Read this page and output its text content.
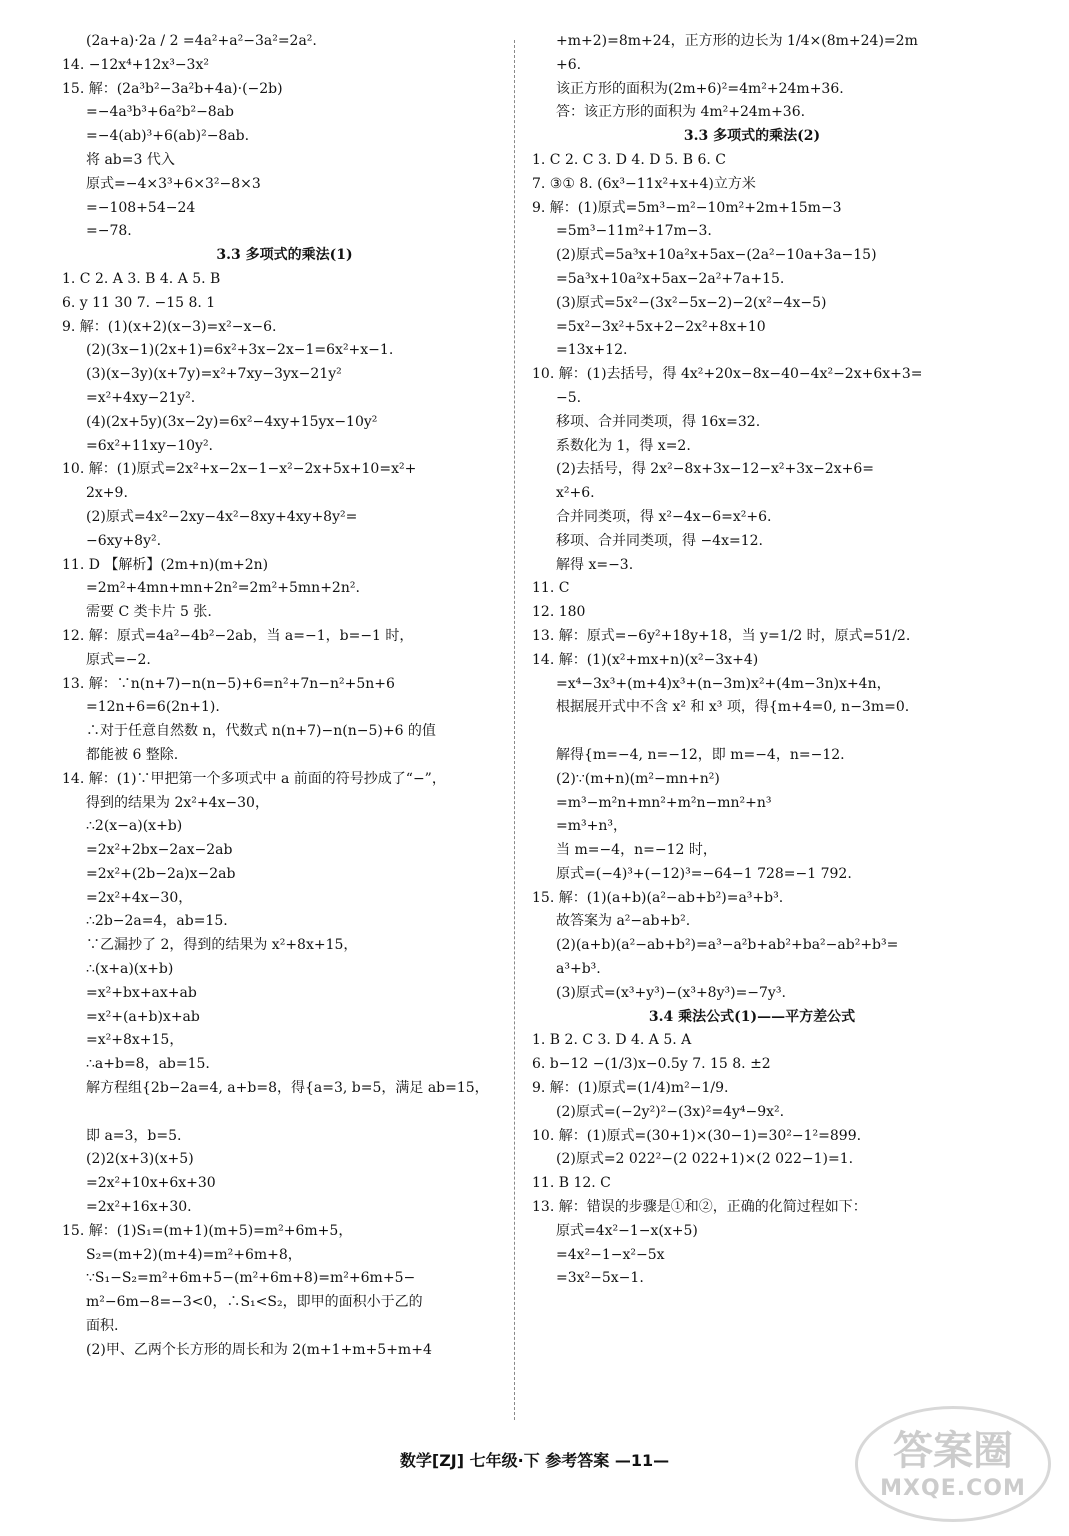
(2a+a)·2a / 2 =4a²+a²−3a²=2a².
14. −12x⁴+12x³−3x²
15. 解：(2a³b²−3a²b+4a)·(−2b)
=−4a³b³+6a²b²−8ab
=−4(ab)³+6(ab)²−8ab.
将 ab=3 代入
原式=−4×3³+6×3²−8×3
=−108+54−24
=−78.
3.3 多项式的乘法(1)
1. C 2. A 3. B 4. A 5. B
6. y 11 30 7. −15 8. 1
9. 解：(1)(x+2)(x−3)=x²−x−6.
(2)(3x−1)(2x+1)=6x²+3x−2x−1=6x²+x−1.
(3)(x−3y)(x+7y)=x²+7xy−3yx−21y²
=x²+4xy−21y².
(4)(2x+5y)(3x−2y)=6x²−4xy+15yx−10y²
=6x²+11xy−10y².
10. 解：(1)原式=2x²+x−2x−1−x²−2x+5x+10=x²+
2x+9.
(2)原式=4x²−2xy−4x²−8xy+4xy+8y²=
−6xy+8y².
11. D 【解析】(2m+n)(m+2n)
=2m²+4mn+mn+2n²=2m²+5mn+2n².
需要 C 类卡片 5 张.
12. 解：原式=4a²−4b²−2ab，当 a=−1，b=−1 时，
原式=−2.
13. 解：∵n(n+7)−n(n−5)+6=n²+7n−n²+5n+6
=12n+6=6(2n+1).
∴对于任意自然数 n，代数式 n(n+7)−n(n−5)+6 的值
都能被 6 整除.
14. 解：(1)∵甲把第一个多项式中 a 前面的符号抄成了“−”，
得到的结果为 2x²+4x−30，
∴2(x−a)(x+b)
=2x²+2bx−2ax−2ab
=2x²+(2b−2a)x−2ab
=2x²+4x−30，
∴2b−2a=4，ab=15.
∵乙漏抄了 2，得到的结果为 x²+8x+15，
∴(x+a)(x+b)
=x²+bx+ax+ab
=x²+(a+b)x+ab
=x²+8x+15，
∴a+b=8，ab=15.
解方程组{2b−2a=4, a+b=8，得{a=3, b=5，满足 ab=15，
即 a=3，b=5.
(2)2(x+3)(x+5)
=2x²+10x+6x+30
=2x²+16x+30.
15. 解：(1)S₁=(m+1)(m+5)=m²+6m+5，
S₂=(m+2)(m+4)=m²+6m+8，
∵S₁−S₂=m²+6m+5−(m²+6m+8)=m²+6m+5−
m²−6m−8=−3<0，∴S₁<S₂，即甲的面积小于乙的
面积.
(2)甲、乙两个长方形的周长和为 2(m+1+m+5+m+4
+m+2)=8m+24，正方形的边长为 1/4×(8m+24)=2m
+6.
该正方形的面积为(2m+6)²=4m²+24m+36.
答：该正方形的面积为 4m²+24m+36.
3.3 多项式的乘法(2)
1. C 2. C 3. D 4. D 5. B 6. C
7. ③① 8. (6x³−11x²+x+4)立方米
9. 解：(1)原式=5m³−m²−10m²+2m+15m−3
=5m³−11m²+17m−3.
(2)原式=5a³x+10a²x+5ax−(2a²−10a+3a−15)
=5a³x+10a²x+5ax−2a²+7a+15.
(3)原式=5x²−(3x²−5x−2)−2(x²−4x−5)
=5x²−3x²+5x+2−2x²+8x+10
=13x+12.
10. 解：(1)去括号，得 4x²+20x−8x−40−4x²−2x+6x+3=
−5.
移项、合并同类项，得 16x=32.
系数化为 1，得 x=2.
(2)去括号，得 2x²−8x+3x−12−x²+3x−2x+6=
x²+6.
合并同类项，得 x²−4x−6=x²+6.
移项、合并同类项，得 −4x=12.
解得 x=−3.
11. C
12. 180
13. 解：原式=−6y²+18y+18，当 y=1/2 时，原式=51/2.
14. 解：(1)(x²+mx+n)(x²−3x+4)
=x⁴−3x³+(m+4)x³+(n−3m)x²+(4m−3n)x+4n，
根据展开式中不含 x² 和 x³ 项，得{m+4=0, n−3m=0.
解得{m=−4, n=−12，即 m=−4，n=−12.
(2)∵(m+n)(m²−mn+n²)
=m³−m²n+mn²+m²n−mn²+n³
=m³+n³，
当 m=−4，n=−12 时，
原式=(−4)³+(−12)³=−64−1 728=−1 792.
15. 解：(1)(a+b)(a²−ab+b²)=a³+b³.
故答案为 a²−ab+b².
(2)(a+b)(a²−ab+b²)=a³−a²b+ab²+ba²−ab²+b³=
a³+b³.
(3)原式=(x³+y³)−(x³+8y³)=−7y³.
3.4 乘法公式(1)——平方差公式
1. B 2. C 3. D 4. A 5. A
6. b−12 −(1/3)x−0.5y 7. 15 8. ±2
9. 解：(1)原式=(1/4)m²−1/9.
(2)原式=(−2y²)²−(3x)²=4y⁴−9x².
10. 解：(1)原式=(30+1)×(30−1)=30²−1²=899.
(2)原式=2 022²−(2 022+1)×(2 022−1)=1.
11. B 12. C
13. 解：错误的步骤是①和②，正确的化简过程如下：
原式=4x²−1−x(x+5)
=4x²−1−x²−5x
=3x²−5x−1.
数学[ZJ] 七年级·下 参考答案 —11—	答案圈
MXQE.COM
